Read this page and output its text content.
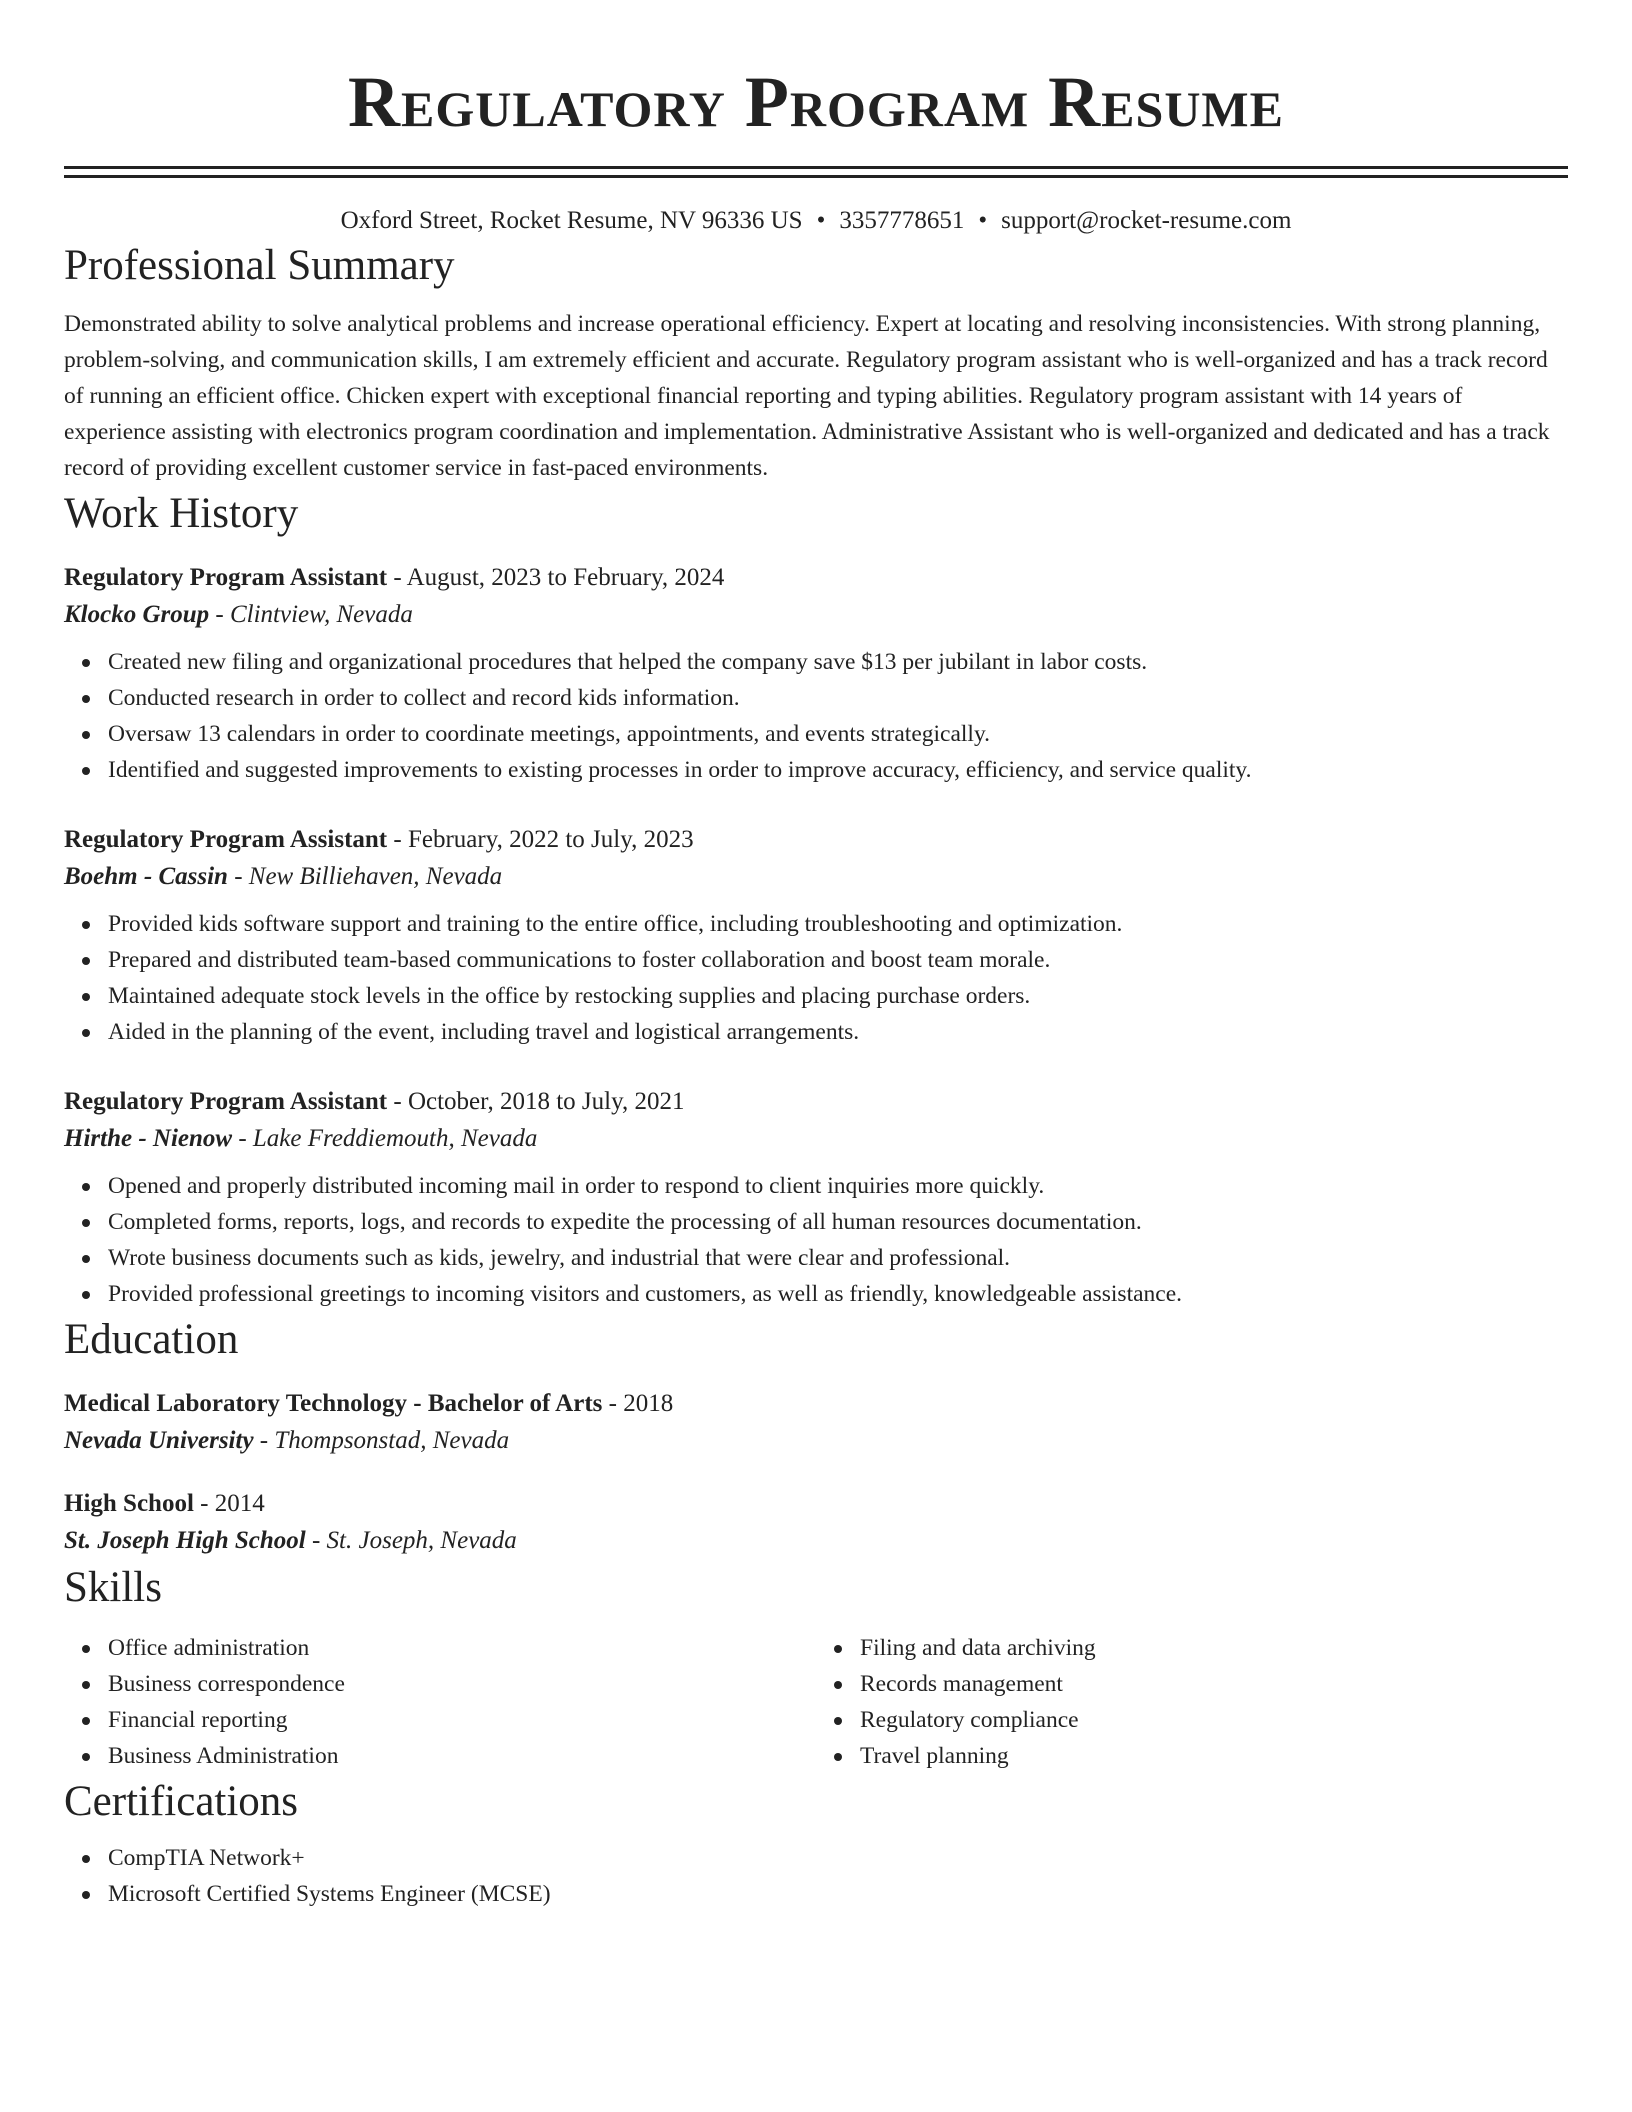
Regulatory Program Resume
Oxford Street, Rocket Resume, NV 96336 US • 3357778651 • support@rocket-resume.com
Professional Summary
Demonstrated ability to solve analytical problems and increase operational efficiency. Expert at locating and resolving inconsistencies. With strong planning, problem-solving, and communication skills, I am extremely efficient and accurate. Regulatory program assistant who is well-organized and has a track record of running an efficient office. Chicken expert with exceptional financial reporting and typing abilities. Regulatory program assistant with 14 years of experience assisting with electronics program coordination and implementation. Administrative Assistant who is well-organized and dedicated and has a track record of providing excellent customer service in fast-paced environments.
Work History
Regulatory Program Assistant - August, 2023 to February, 2024
Klocko Group - Clintview, Nevada
Created new filing and organizational procedures that helped the company save $13 per jubilant in labor costs.
Conducted research in order to collect and record kids information.
Oversaw 13 calendars in order to coordinate meetings, appointments, and events strategically.
Identified and suggested improvements to existing processes in order to improve accuracy, efficiency, and service quality.
Regulatory Program Assistant - February, 2022 to July, 2023
Boehm - Cassin - New Billiehaven, Nevada
Provided kids software support and training to the entire office, including troubleshooting and optimization.
Prepared and distributed team-based communications to foster collaboration and boost team morale.
Maintained adequate stock levels in the office by restocking supplies and placing purchase orders.
Aided in the planning of the event, including travel and logistical arrangements.
Regulatory Program Assistant - October, 2018 to July, 2021
Hirthe - Nienow - Lake Freddiemouth, Nevada
Opened and properly distributed incoming mail in order to respond to client inquiries more quickly.
Completed forms, reports, logs, and records to expedite the processing of all human resources documentation.
Wrote business documents such as kids, jewelry, and industrial that were clear and professional.
Provided professional greetings to incoming visitors and customers, as well as friendly, knowledgeable assistance.
Education
Medical Laboratory Technology - Bachelor of Arts - 2018
Nevada University - Thompsonstad, Nevada
High School - 2014
St. Joseph High School - St. Joseph, Nevada
Skills
Office administration
Business correspondence
Financial reporting
Business Administration
Filing and data archiving
Records management
Regulatory compliance
Travel planning
Certifications
CompTIA Network+
Microsoft Certified Systems Engineer (MCSE)
